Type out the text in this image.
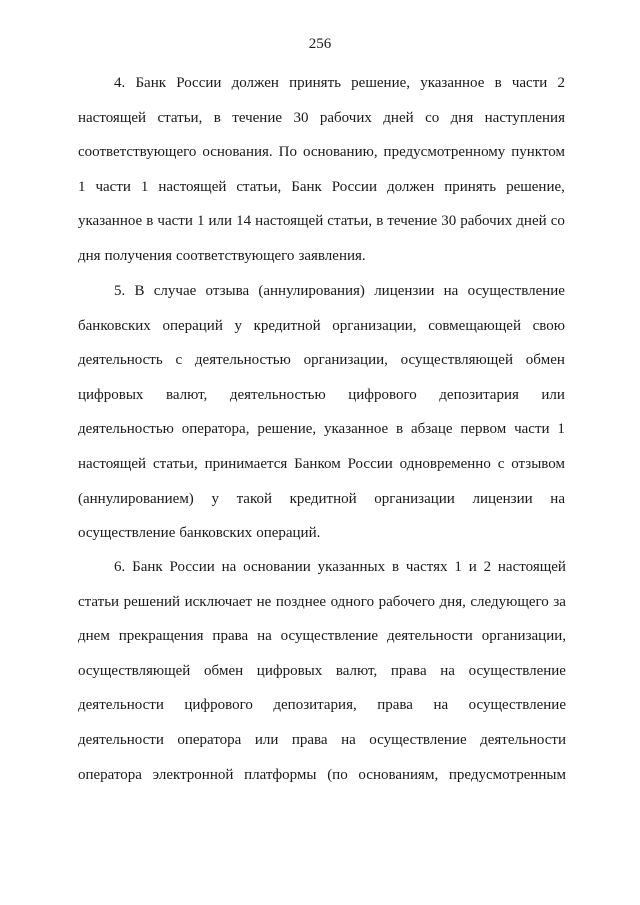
256
4. Банк России должен принять решение, указанное в части 2
настоящей статьи, в течение 30 рабочих дней со дня наступления
соответствующего основания. По основанию, предусмотренному пунктом
1 части 1 настоящей статьи, Банк России должен принять решение,
указанное в части 1 или 14 настоящей статьи, в течение 30 рабочих дней со
дня получения соответствующего заявления.
5. В случае отзыва (аннулирования) лицензии на осуществление
банковских операций у кредитной организации, совмещающей свою
деятельность с деятельностью организации, осуществляющей обмен
цифровых валют, деятельностью цифрового депозитария или
деятельностью оператора, решение, указанное в абзаце первом части 1
настоящей статьи, принимается Банком России одновременно с отзывом
(аннулированием) у такой кредитной организации лицензии на
осуществление банковских операций.
6. Банк России на основании указанных в частях 1 и 2 настоящей
статьи решений исключает не позднее одного рабочего дня, следующего за
днем прекращения права на осуществление деятельности организации,
осуществляющей обмен цифровых валют, права на осуществление
деятельности цифрового депозитария, права на осуществление
деятельности оператора или права на осуществление деятельности
оператора электронной платформы (по основаниям, предусмотренным
